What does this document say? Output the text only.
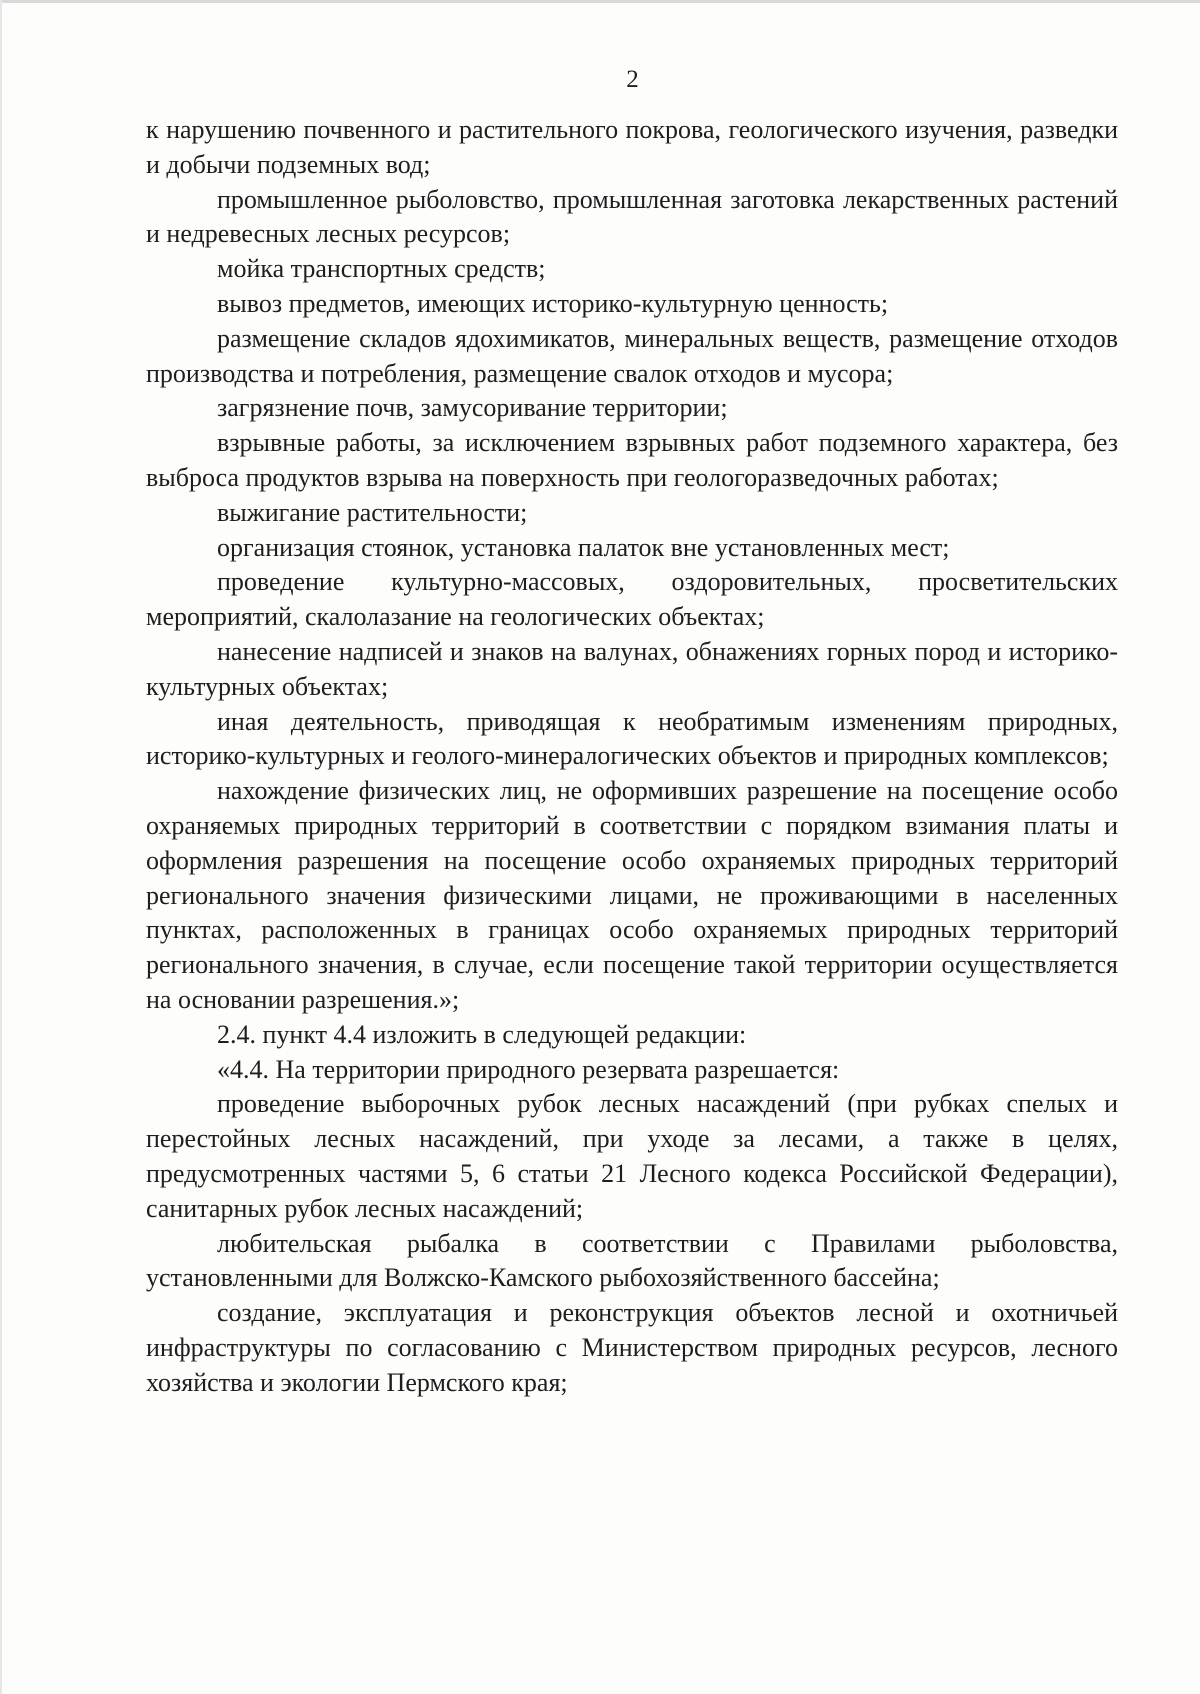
2

к нарушению почвенного и растительного покрова, геологического изучения, разведки и добычи подземных вод;

промышленное рыболовство, промышленная заготовка лекарственных растений и недревесных лесных ресурсов;

мойка транспортных средств;

вывоз предметов, имеющих историко-культурную ценность;

размещение складов ядохимикатов, минеральных веществ, размещение отходов производства и потребления, размещение свалок отходов и мусора;

загрязнение почв, замусоривание территории;

взрывные работы, за исключением взрывных работ подземного характера, без выброса продуктов взрыва на поверхность при геологоразведочных работах;

выжигание растительности;

организация стоянок, установка палаток вне установленных мест;

проведение культурно-массовых, оздоровительных, просветительских мероприятий, скалолазание на геологических объектах;

нанесение надписей и знаков на валунах, обнажениях горных пород и историко-культурных объектах;

иная деятельность, приводящая к необратимым изменениям природных, историко-культурных и геолого-минералогических объектов и природных комплексов;

нахождение физических лиц, не оформивших разрешение на посещение особо охраняемых природных территорий в соответствии с порядком взимания платы и оформления разрешения на посещение особо охраняемых природных территорий регионального значения физическими лицами, не проживающими в населенных пунктах, расположенных в границах особо охраняемых природных территорий регионального значения, в случае, если посещение такой территории осуществляется на основании разрешения.»;

2.4. пункт 4.4 изложить в следующей редакции:

«4.4. На территории природного резервата разрешается:

проведение выборочных рубок лесных насаждений (при рубках спелых и перестойных лесных насаждений, при уходе за лесами, а также в целях, предусмотренных частями 5, 6 статьи 21 Лесного кодекса Российской Федерации), санитарных рубок лесных насаждений;

любительская рыбалка в соответствии с Правилами рыболовства, установленными для Волжско-Камского рыбохозяйственного бассейна;

создание, эксплуатация и реконструкция объектов лесной и охотничьей инфраструктуры по согласованию с Министерством природных ресурсов, лесного хозяйства и экологии Пермского края;
